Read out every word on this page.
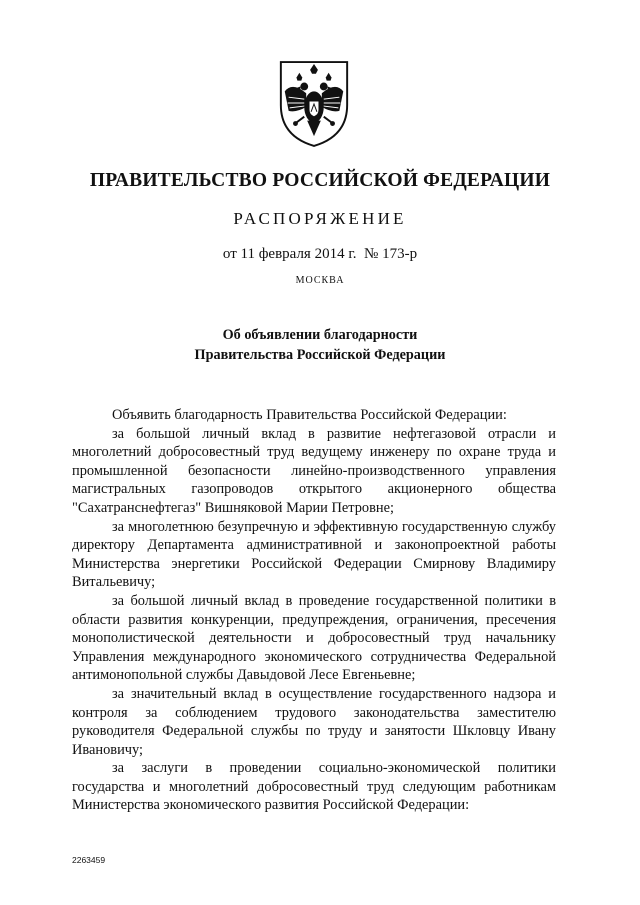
ПРАВИТЕЛЬСТВО РОССИЙСКОЙ ФЕДЕРАЦИИ
РАСПОРЯЖЕНИЕ
от 11 февраля 2014 г.  № 173-р
МОСКВА
Об объявлении благодарности
Правительства Российской Федерации

Объявить благодарность Правительства Российской Федерации:

за большой личный вклад в развитие нефтегазовой отрасли и многолетний добросовестный труд ведущему инженеру по охране труда и промышленной безопасности линейно-производственного управления магистральных газопроводов открытого акционерного общества "Сахатранснефтегаз" Вишняковой Марии Петровне;

за многолетнюю безупречную и эффективную государственную службу директору Департамента административной и законопроектной работы Министерства энергетики Российской Федерации Смирнову Владимиру Витальевичу;

за большой личный вклад в проведение государственной политики в области развития конкуренции, предупреждения, ограничения, пресечения монополистической деятельности и добросовестный труд начальнику Управления международного экономического сотрудничества Федеральной антимонопольной службы Давыдовой Лесе Евгеньевне;

за значительный вклад в осуществление государственного надзора и контроля за соблюдением трудового законодательства заместителю руководителя Федеральной службы по труду и занятости Шкловцу Ивану Ивановичу;

за заслуги в проведении социально-экономической политики государства и многолетний добросовестный труд следующим работникам Министерства экономического развития Российской Федерации:

2263459
